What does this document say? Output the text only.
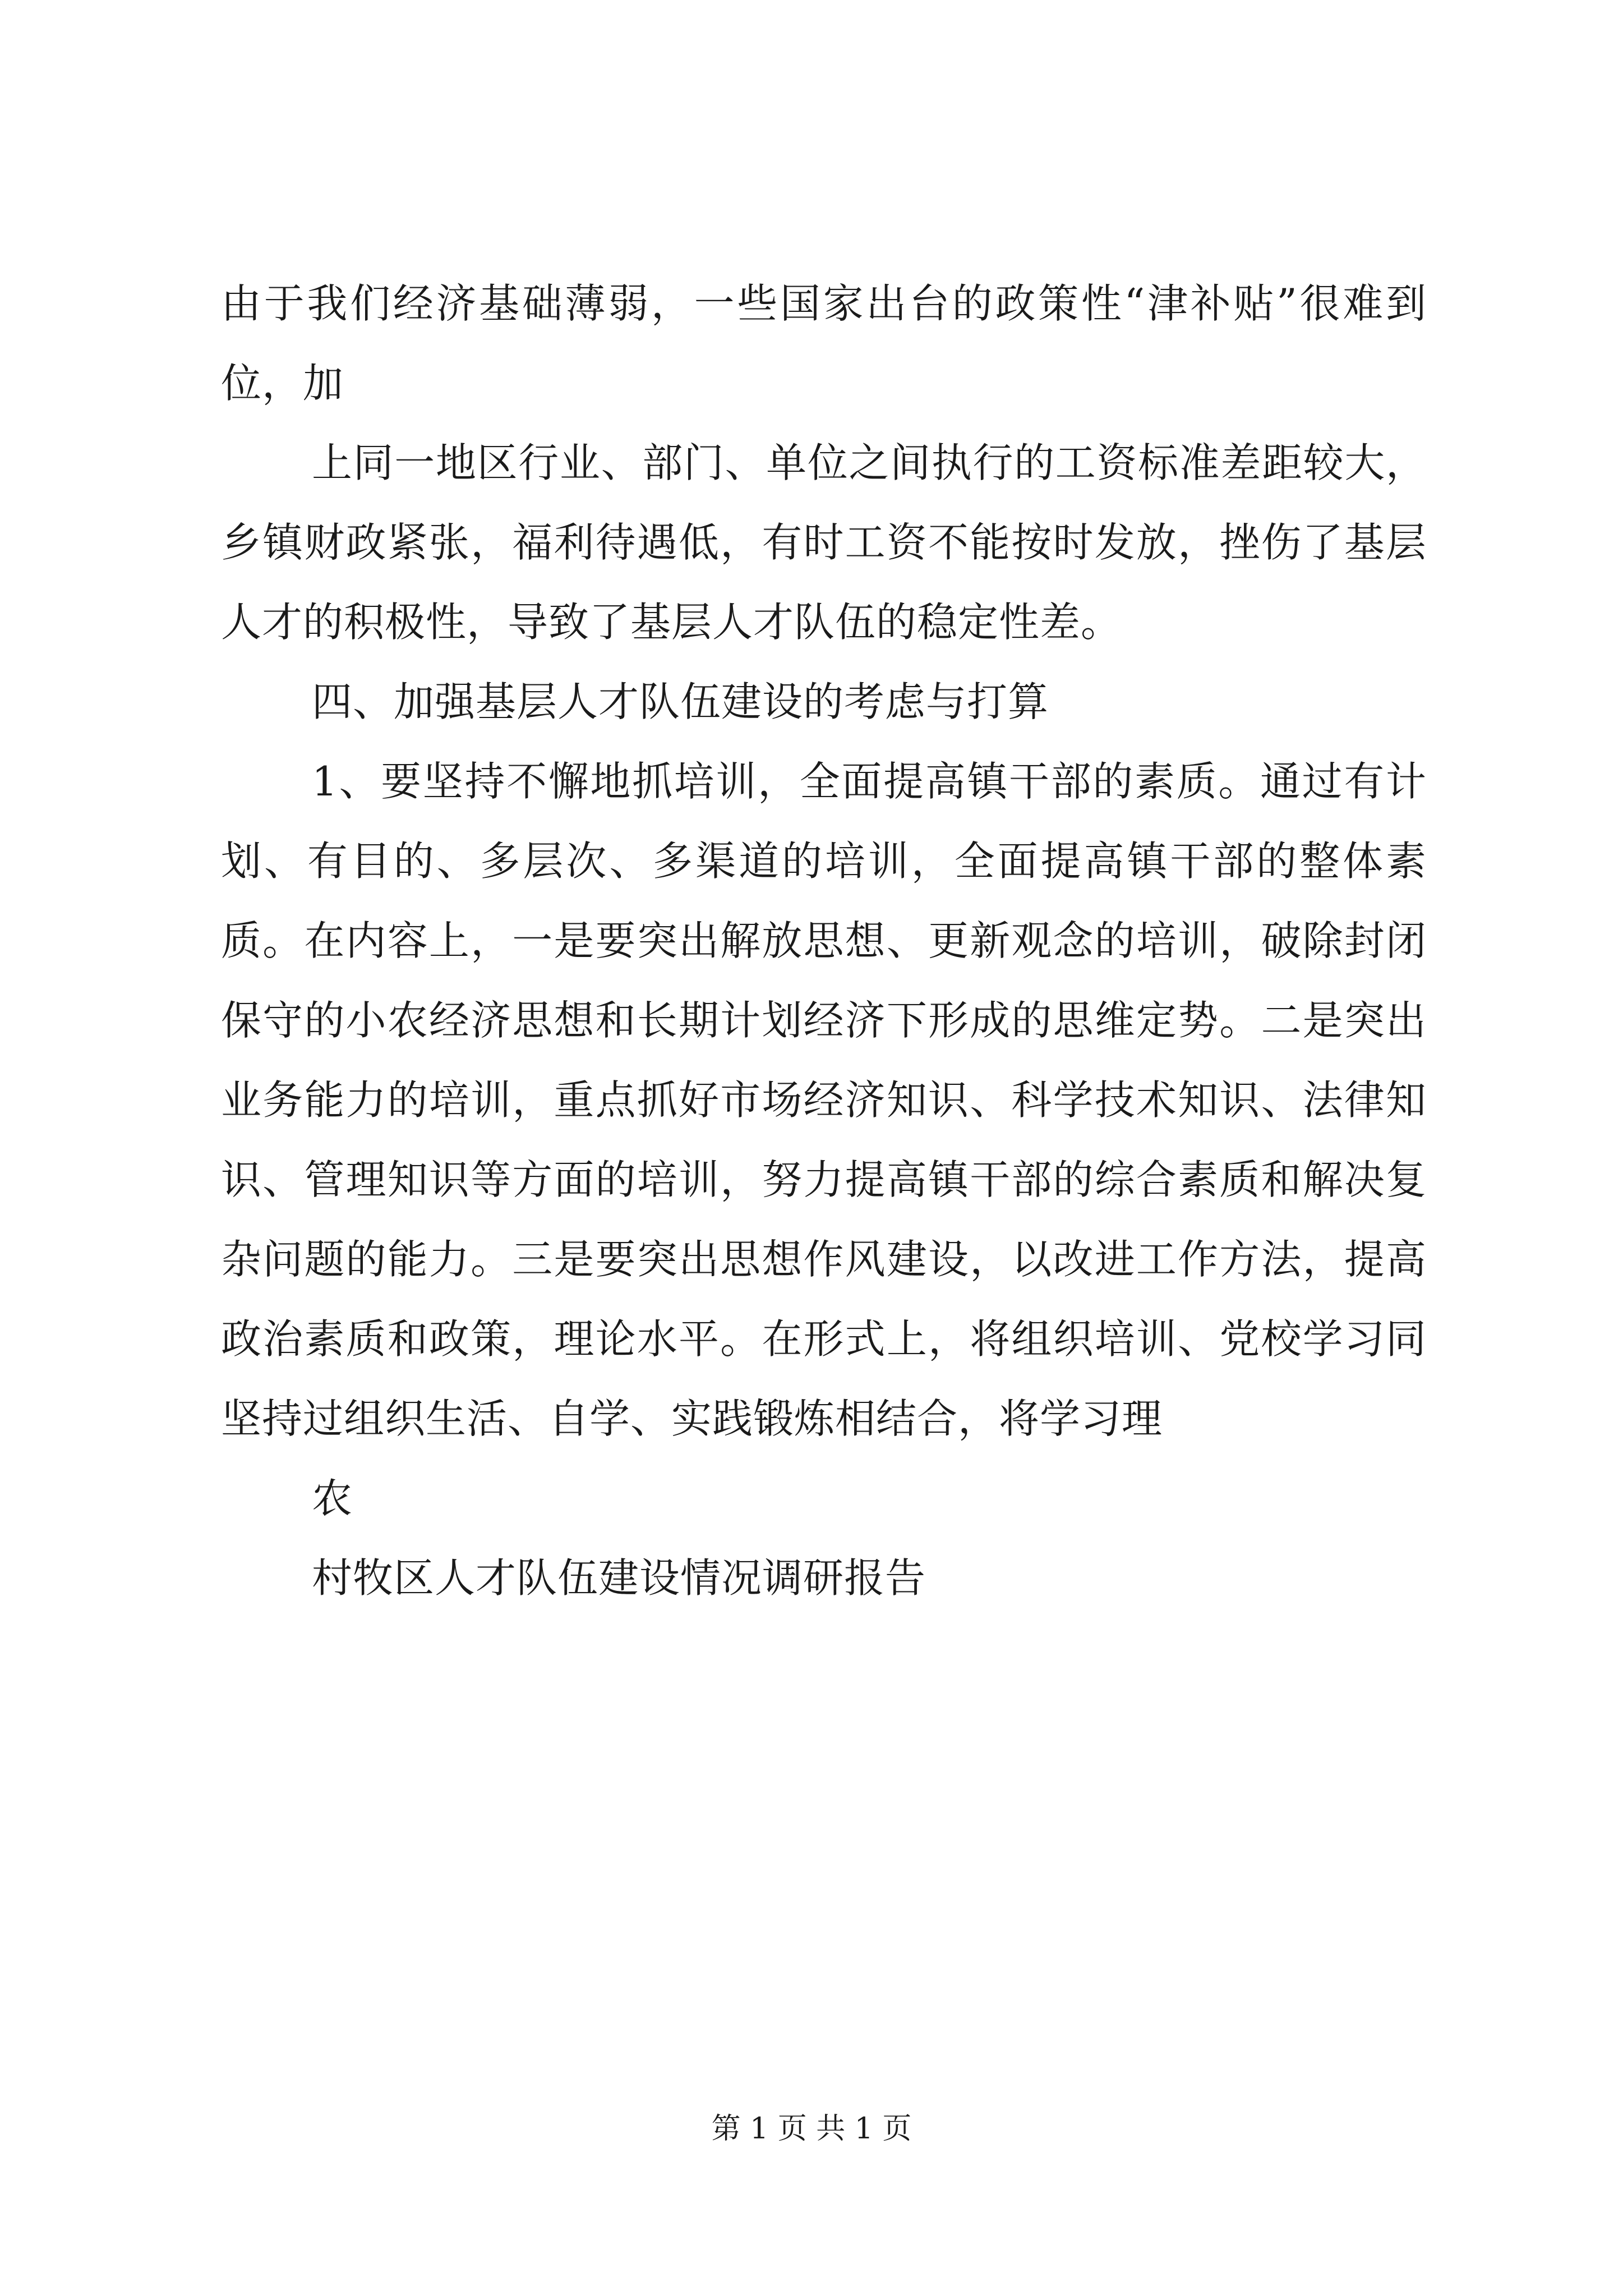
由于我们经济基础薄弱，一些国家出台的政策性“津补贴”很难到位，加

上同一地区行业、部门、单位之间执行的工资标准差距较大，乡镇财政紧张，福利待遇低，有时工资不能按时发放，挫伤了基层人才的积极性，导致了基层人才队伍的稳定性差。

四、加强基层人才队伍建设的考虑与打算

1、要坚持不懈地抓培训，全面提高镇干部的素质。通过有计划、有目的、多层次、多渠道的培训，全面提高镇干部的整体素质。在内容上，一是要突出解放思想、更新观念的培训，破除封闭保守的小农经济思想和长期计划经济下形成的思维定势。二是突出业务能力的培训，重点抓好市场经济知识、科学技术知识、法律知识、管理知识等方面的培训，努力提高镇干部的综合素质和解决复杂问题的能力。三是要突出思想作风建设，以改进工作方法，提高政治素质和政策，理论水平。在形式上，将组织培训、党校学习同坚持过组织生活、自学、实践锻炼相结合，将学习理

农

村牧区人才队伍建设情况调研报告

第 1 页 共 1 页
